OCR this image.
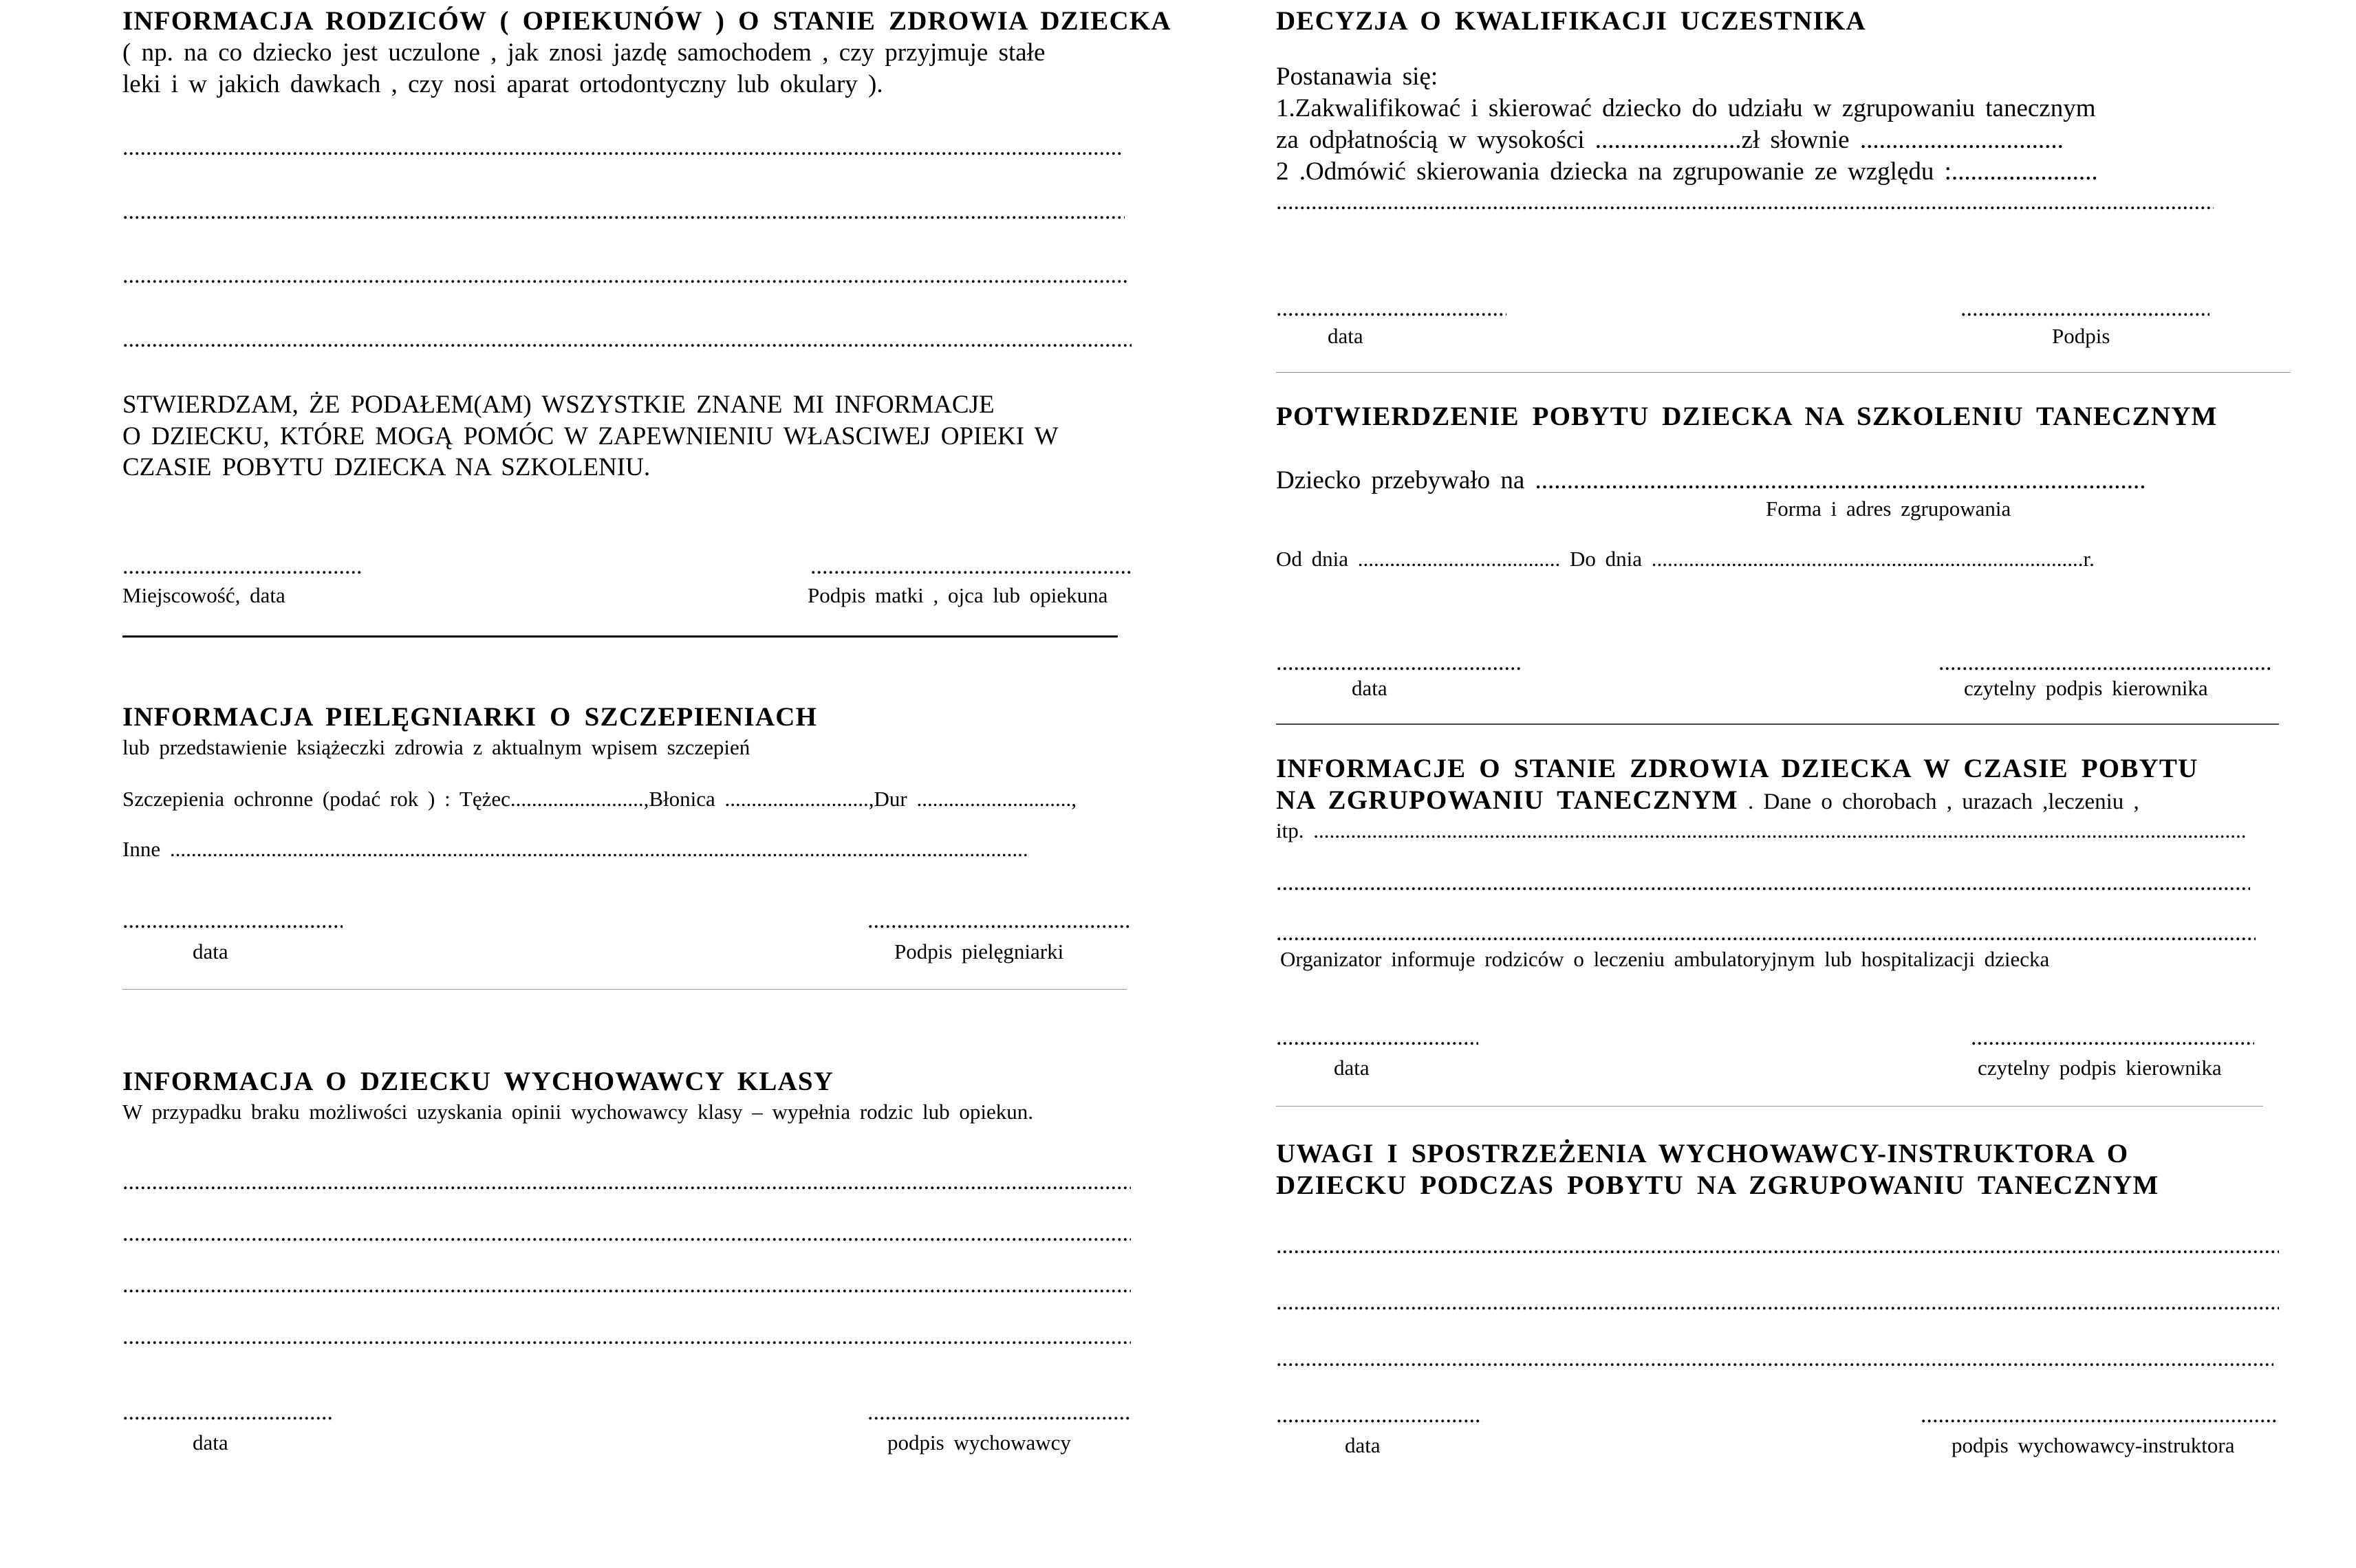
INFORMACJA RODZICÓW ( OPIEKUNÓW ) O STANIE ZDROWIA DZIECKA
( np. na co dziecko jest uczulone , jak znosi jazdę samochodem , czy przyjmuje stałe
leki i w jakich dawkach , czy nosi aparat ortodontyczny lub okulary ).
.....
.....
.....
.....
STWIERDZAM, ŻE PODAŁEM(AM) WSZYSTKIE ZNANE MI INFORMACJE
O DZIECKU, KTÓRE MOGĄ POMÓC W ZAPEWNIENIU WŁASCIWEJ OPIEKI W
CZASIE POBYTU DZIECKA NA SZKOLENIU.
.....
.....
Miejscowość, data	Podpis matki , ojca lub opiekuna
INFORMACJA PIELĘGNIARKI O SZCZEPIENIACH
lub przedstawienie książeczki zdrowia z aktualnym wpisem szczepień
Szczepienia ochronne (podać rok ) : Tężec.........................,Błonica ...........................,Dur .............................,
Inne .................................................................................................................................................................
.....
.....
data	Podpis pielęgniarki
INFORMACJA O DZIECKU WYCHOWAWCY KLASY
W przypadku braku możliwości uzyskania opinii wychowawcy klasy – wypełnia rodzic lub opiekun.
.....
.....
.....
.....
.....
.....
data	podpis wychowawcy
DECYZJA O KWALIFIKACJI UCZESTNIKA
Postanawia się:
1.Zakwalifikować i skierować dziecko do udziału w zgrupowaniu tanecznym
za odpłatnością w wysokości .......................zł słownie ................................
2 .Odmówić skierowania dziecka na zgrupowanie ze względu :.......................
.....
.....
.....
data	Podpis
POTWIERDZENIE POBYTU DZIECKA NA SZKOLENIU TANECZNYM
Dziecko przebywało na ................................................................................................
Forma i adres zgrupowania
Od dnia ...................................... Do dnia .................................................................................r.
.....
.....
data	czytelny podpis kierownika
INFORMACJE O STANIE ZDROWIA DZIECKA W CZASIE POBYTU
NA ZGRUPOWANIU TANECZNYM . Dane o chorobach , urazach ,leczeniu ,
itp. ...............................................................................................................................................................................
.....
.....
Organizator informuje rodziców o leczeniu ambulatoryjnym lub hospitalizacji dziecka
.....
.....
data	czytelny podpis kierownika
UWAGI I SPOSTRZEŻENIA WYCHOWAWCY-INSTRUKTORA O
DZIECKU PODCZAS POBYTU NA ZGRUPOWANIU TANECZNYM
.....
.....
.....
.....
.....
data	podpis wychowawcy-instruktora
